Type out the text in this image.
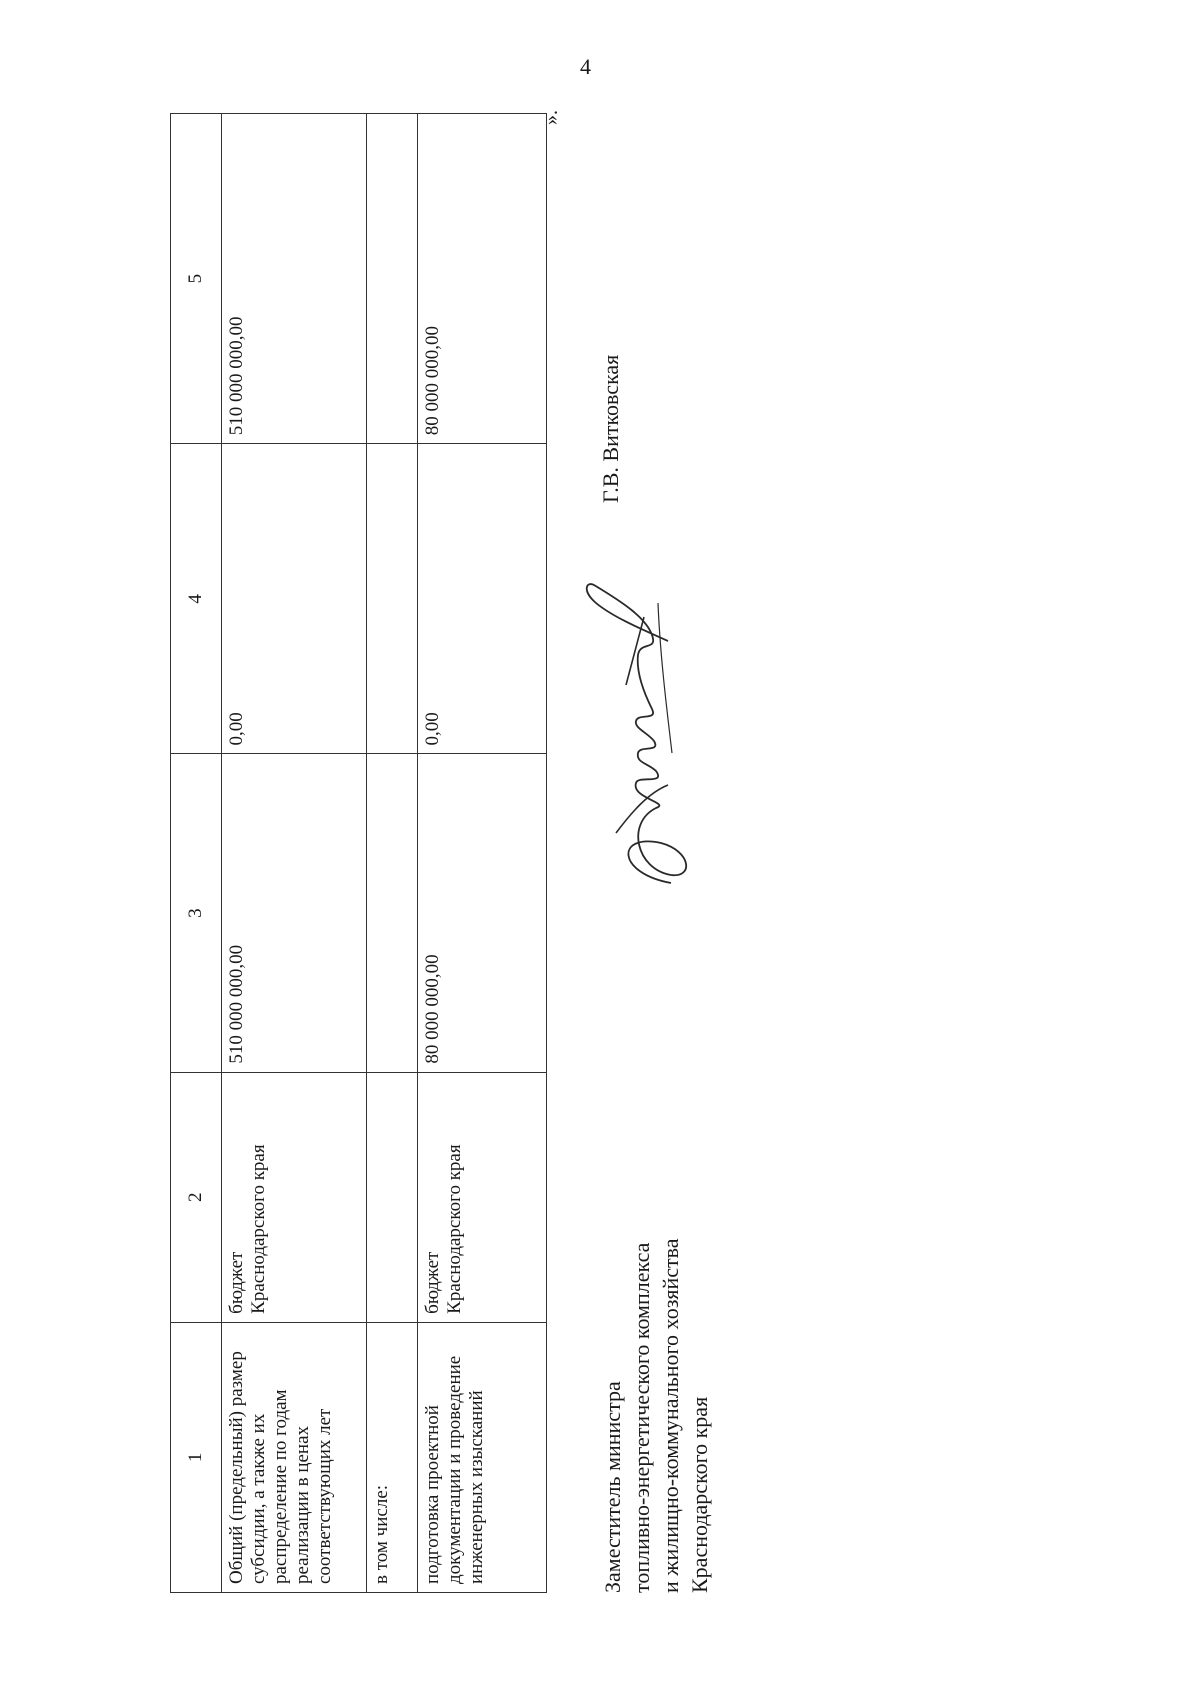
4
1	2	3	4	5

Общий (предельный) размер субсидии, а также их распределение по годам реализации в ценах соответствующих лет	бюджет Краснодарского края	510 000 000,00	0,00	510 000 000,00

в том числе:				

подготовка проектной документации и проведение инженерных изысканий	бюджет Краснодарского края	80 000 000,00	0,00	80 000 000,00
».
Заместитель министра топливно-энергетического комплекса и жилищно-коммунального хозяйства Краснодарского края
Г.В. Витковская
